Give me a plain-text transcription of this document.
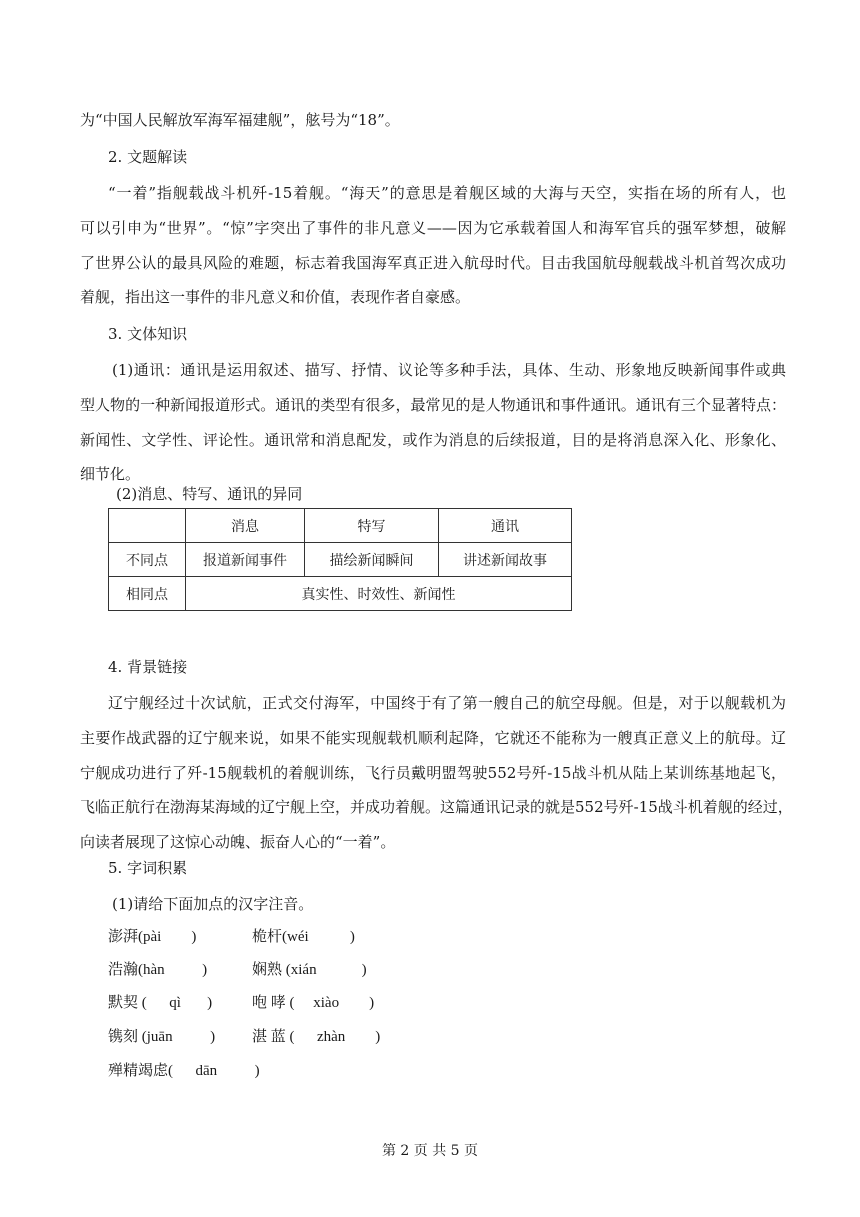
为“中国人民解放军海军福建舰”，舷号为“18”。
2. 文题解读
“一着”指舰载战斗机歼-15着舰。“海天”的意思是着舰区域的大海与天空，实指在场的所有人，也
可以引申为“世界”。“惊”字突出了事件的非凡意义——因为它承载着国人和海军官兵的强军梦想，破解
了世界公认的最具风险的难题，标志着我国海军真正进入航母时代。目击我国航母舰载战斗机首驾次成功
着舰，指出这一事件的非凡意义和价值，表现作者自豪感。
3. 文体知识
(1)通讯：通讯是运用叙述、描写、抒情、议论等多种手法，具体、生动、形象地反映新闻事件或典
型人物的一种新闻报道形式。通讯的类型有很多，最常见的是人物通讯和事件通讯。通讯有三个显著特点：
新闻性、文学性、评论性。通讯常和消息配发，或作为消息的后续报道，目的是将消息深入化、形象化、
细节化。
(2)消息、特写、通讯的异同
	消息	特写	通讯
不同点	报道新闻事件	描绘新闻瞬间	讲述新闻故事
相同点	真实性、时效性、新闻性		
4. 背景链接
辽宁舰经过十次试航，正式交付海军，中国终于有了第一艘自己的航空母舰。但是，对于以舰载机为
主要作战武器的辽宁舰来说，如果不能实现舰载机顺利起降，它就还不能称为一艘真正意义上的航母。辽
宁舰成功进行了歼-15舰载机的着舰训练，飞行员戴明盟驾驶552号歼-15战斗机从陆上某训练基地起飞，
飞临正航行在渤海某海域的辽宁舰上空，并成功着舰。这篇通讯记录的就是552号歼-15战斗机着舰的经过，
向读者展现了这惊心动魄、振奋人心的“一着”。
5. 字词积累
(1)请给下面加点的汉字注音。
澎湃(pài        )	桅杆(wéi           )
浩瀚(hàn          )	娴熟 (xián            )
默契 (      qì       )	咆 哮 (     xiào        )
镌刻 (juān          ) 湛 蓝 (      zhàn        )
殚精竭虑(      dān          )
第 2 页 共 5 页
